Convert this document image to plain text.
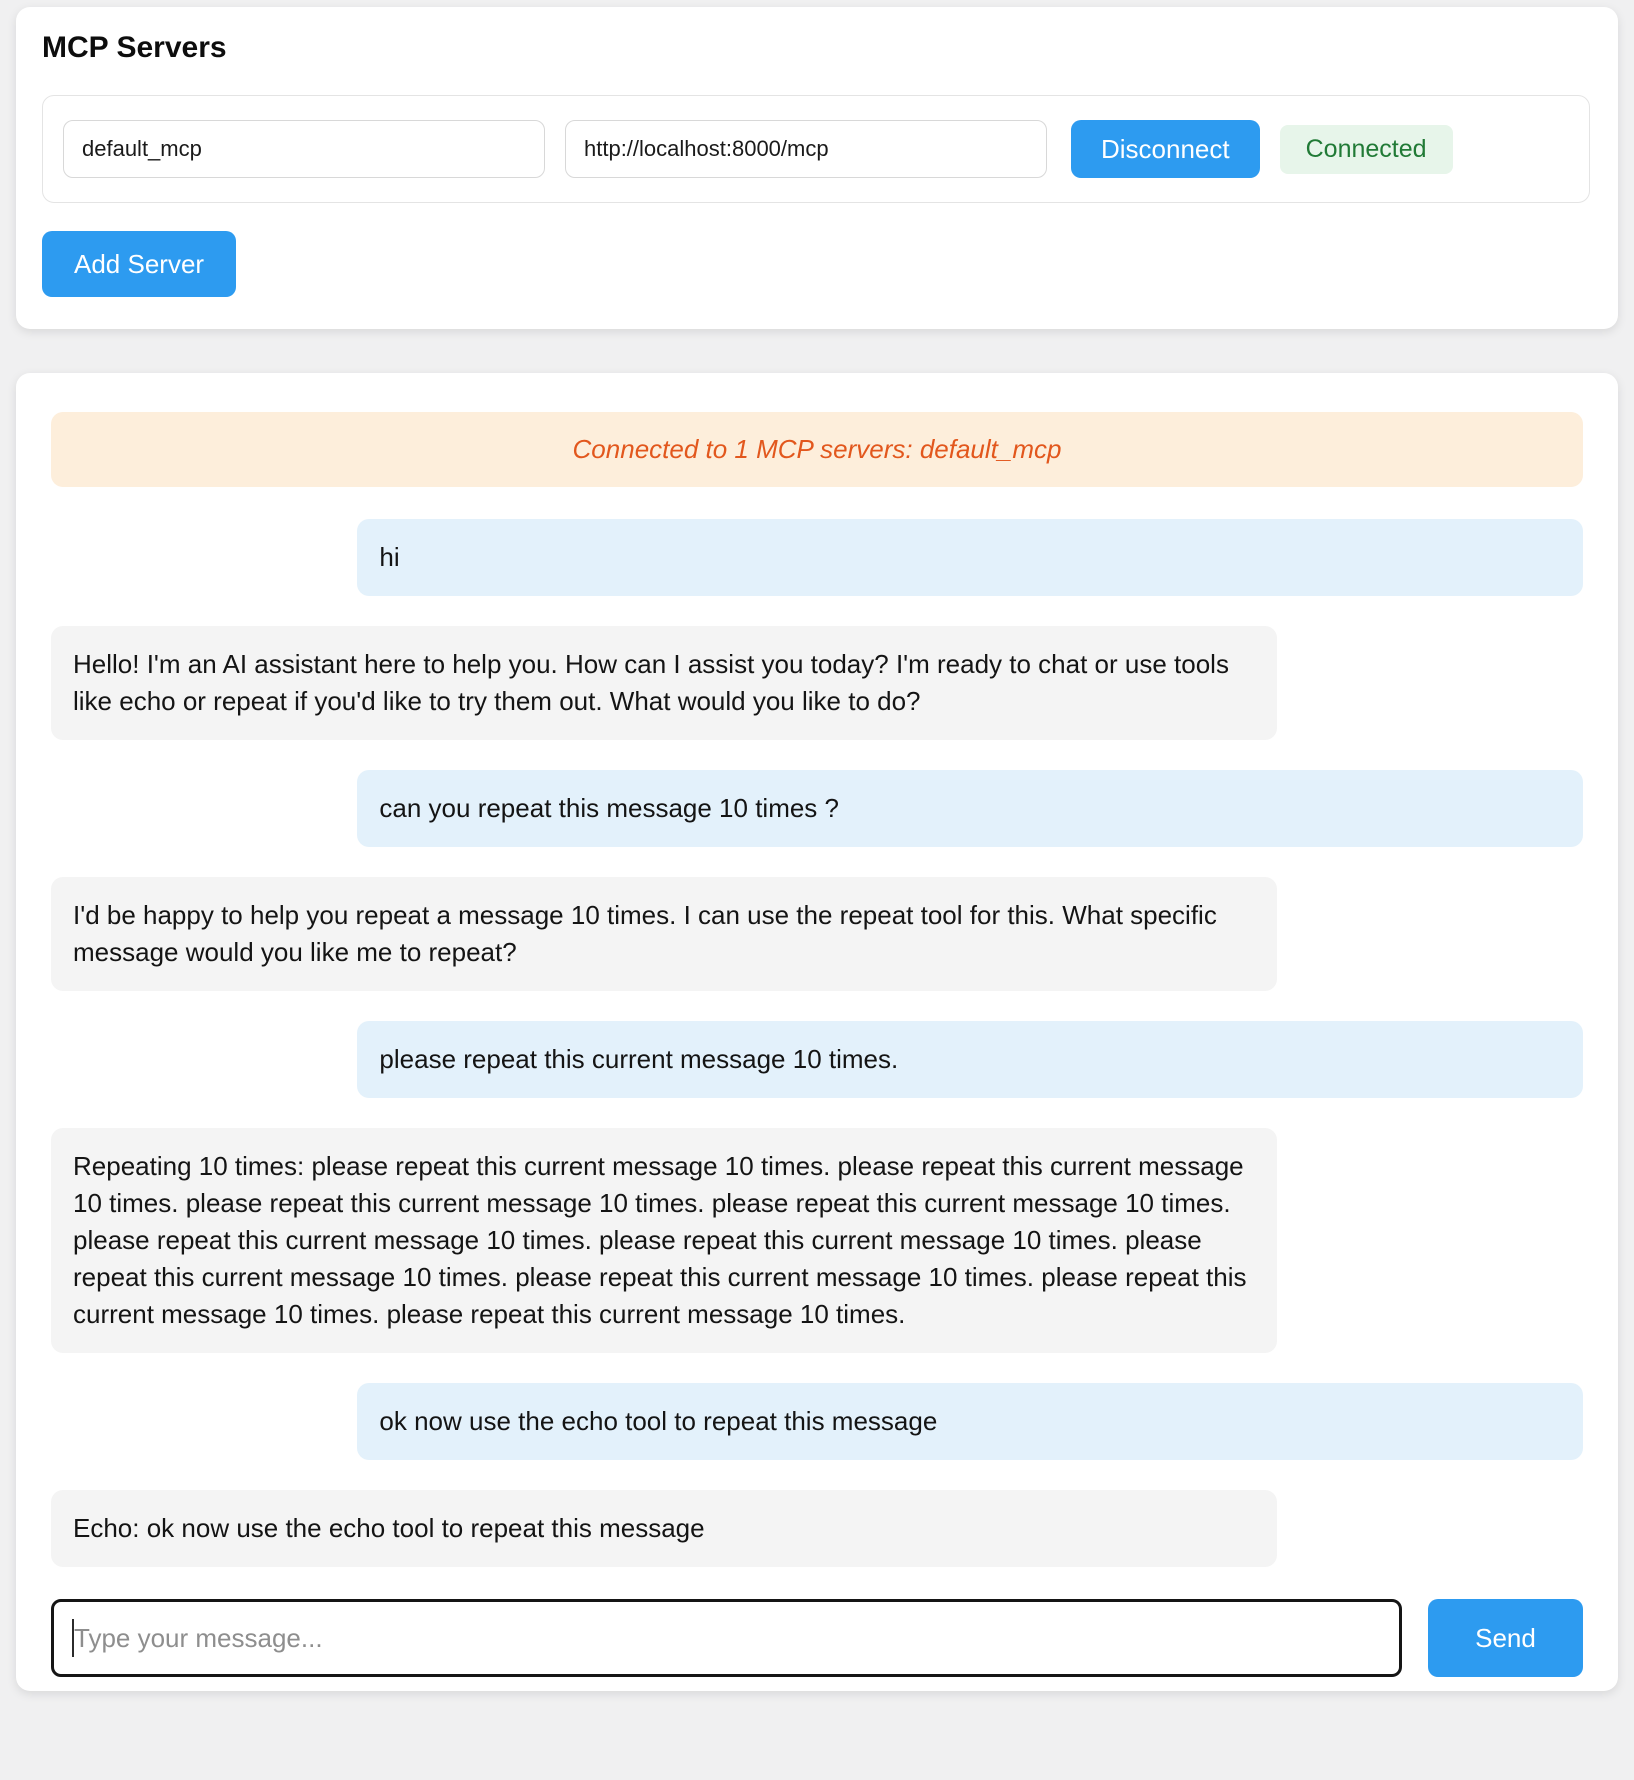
MCP Servers
default_mcp
http://localhost:8000/mcp
Disconnect	Connected
Add Server
Connected to 1 MCP servers: default_mcp
hi
Hello! I'm an AI assistant here to help you. How can I assist you today? I'm ready to chat or use tools like echo or repeat if you'd like to try them out. What would you like to do?
can you repeat this message 10 times ?
I'd be happy to help you repeat a message 10 times. I can use the repeat tool for this. What specific message would you like me to repeat?
please repeat this current message 10 times.
Repeating 10 times: please repeat this current message 10 times. please repeat this current message 10 times. please repeat this current message 10 times. please repeat this current message 10 times. please repeat this current message 10 times. please repeat this current message 10 times. please repeat this current message 10 times. please repeat this current message 10 times. please repeat this current message 10 times. please repeat this current message 10 times.
ok now use the echo tool to repeat this message
Echo: ok now use the echo tool to repeat this message
Type your message...
Send
